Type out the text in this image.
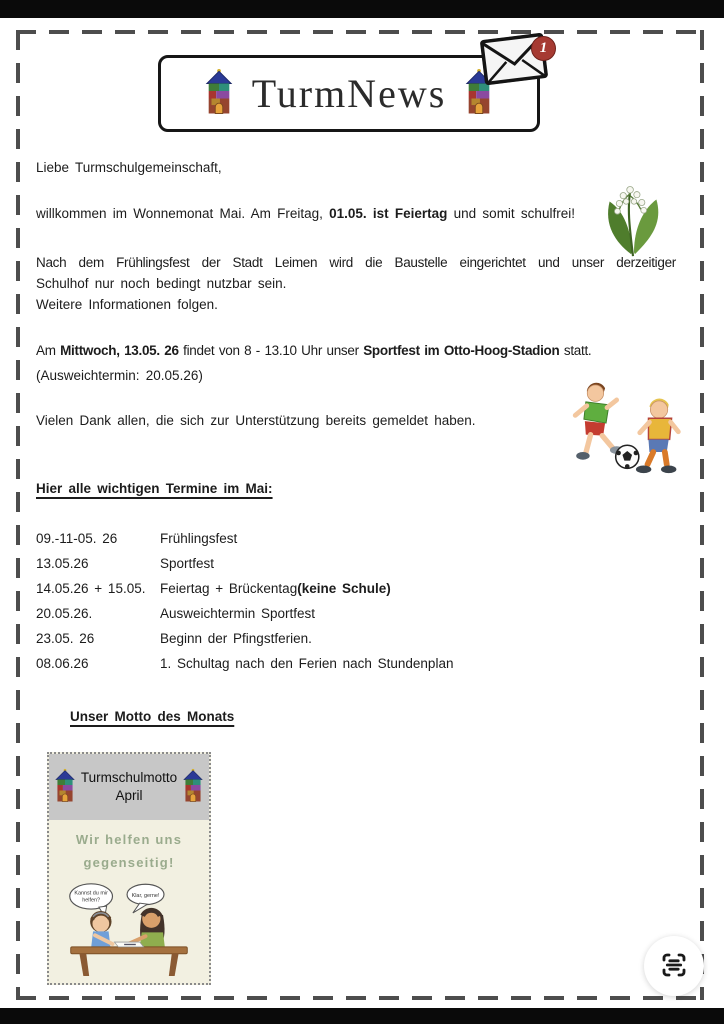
TurmNews
1
Liebe Turmschulgemeinschaft,
willkommen im Wonnemonat Mai. Am Freitag, 01.05. ist Feiertag und somit schulfrei!
Nach dem Frühlingsfest der Stadt Leimen wird die Baustelle eingerichtet und unser derzeitiger
Schulhof nur noch bedingt nutzbar sein.
Weitere Informationen folgen.
Am Mittwoch, 13.05. 26 findet von 8 - 13.10 Uhr unser Sportfest im Otto-Hoog-Stadion statt.
(Ausweichtermin: 20.05.26)
Vielen Dank allen, die sich zur Unterstützung bereits gemeldet haben.
Hier alle wichtigen Termine im Mai:
09.-11-05. 26	Frühlingsfest
13.05.26	Sportfest
14.05.26 + 15.05.	Feiertag + Brückentag (keine Schule)
20.05.26.	Ausweichtermin Sportfest
23.05. 26	Beginn der Pfingstferien.
08.06.26	1. Schultag nach den Ferien nach Stundenplan
Unser Motto des Monats
Turmschulmotto
April
Wir helfen uns
gegenseitig!
Kannst du mir
helfen?
Klar, gerne!
